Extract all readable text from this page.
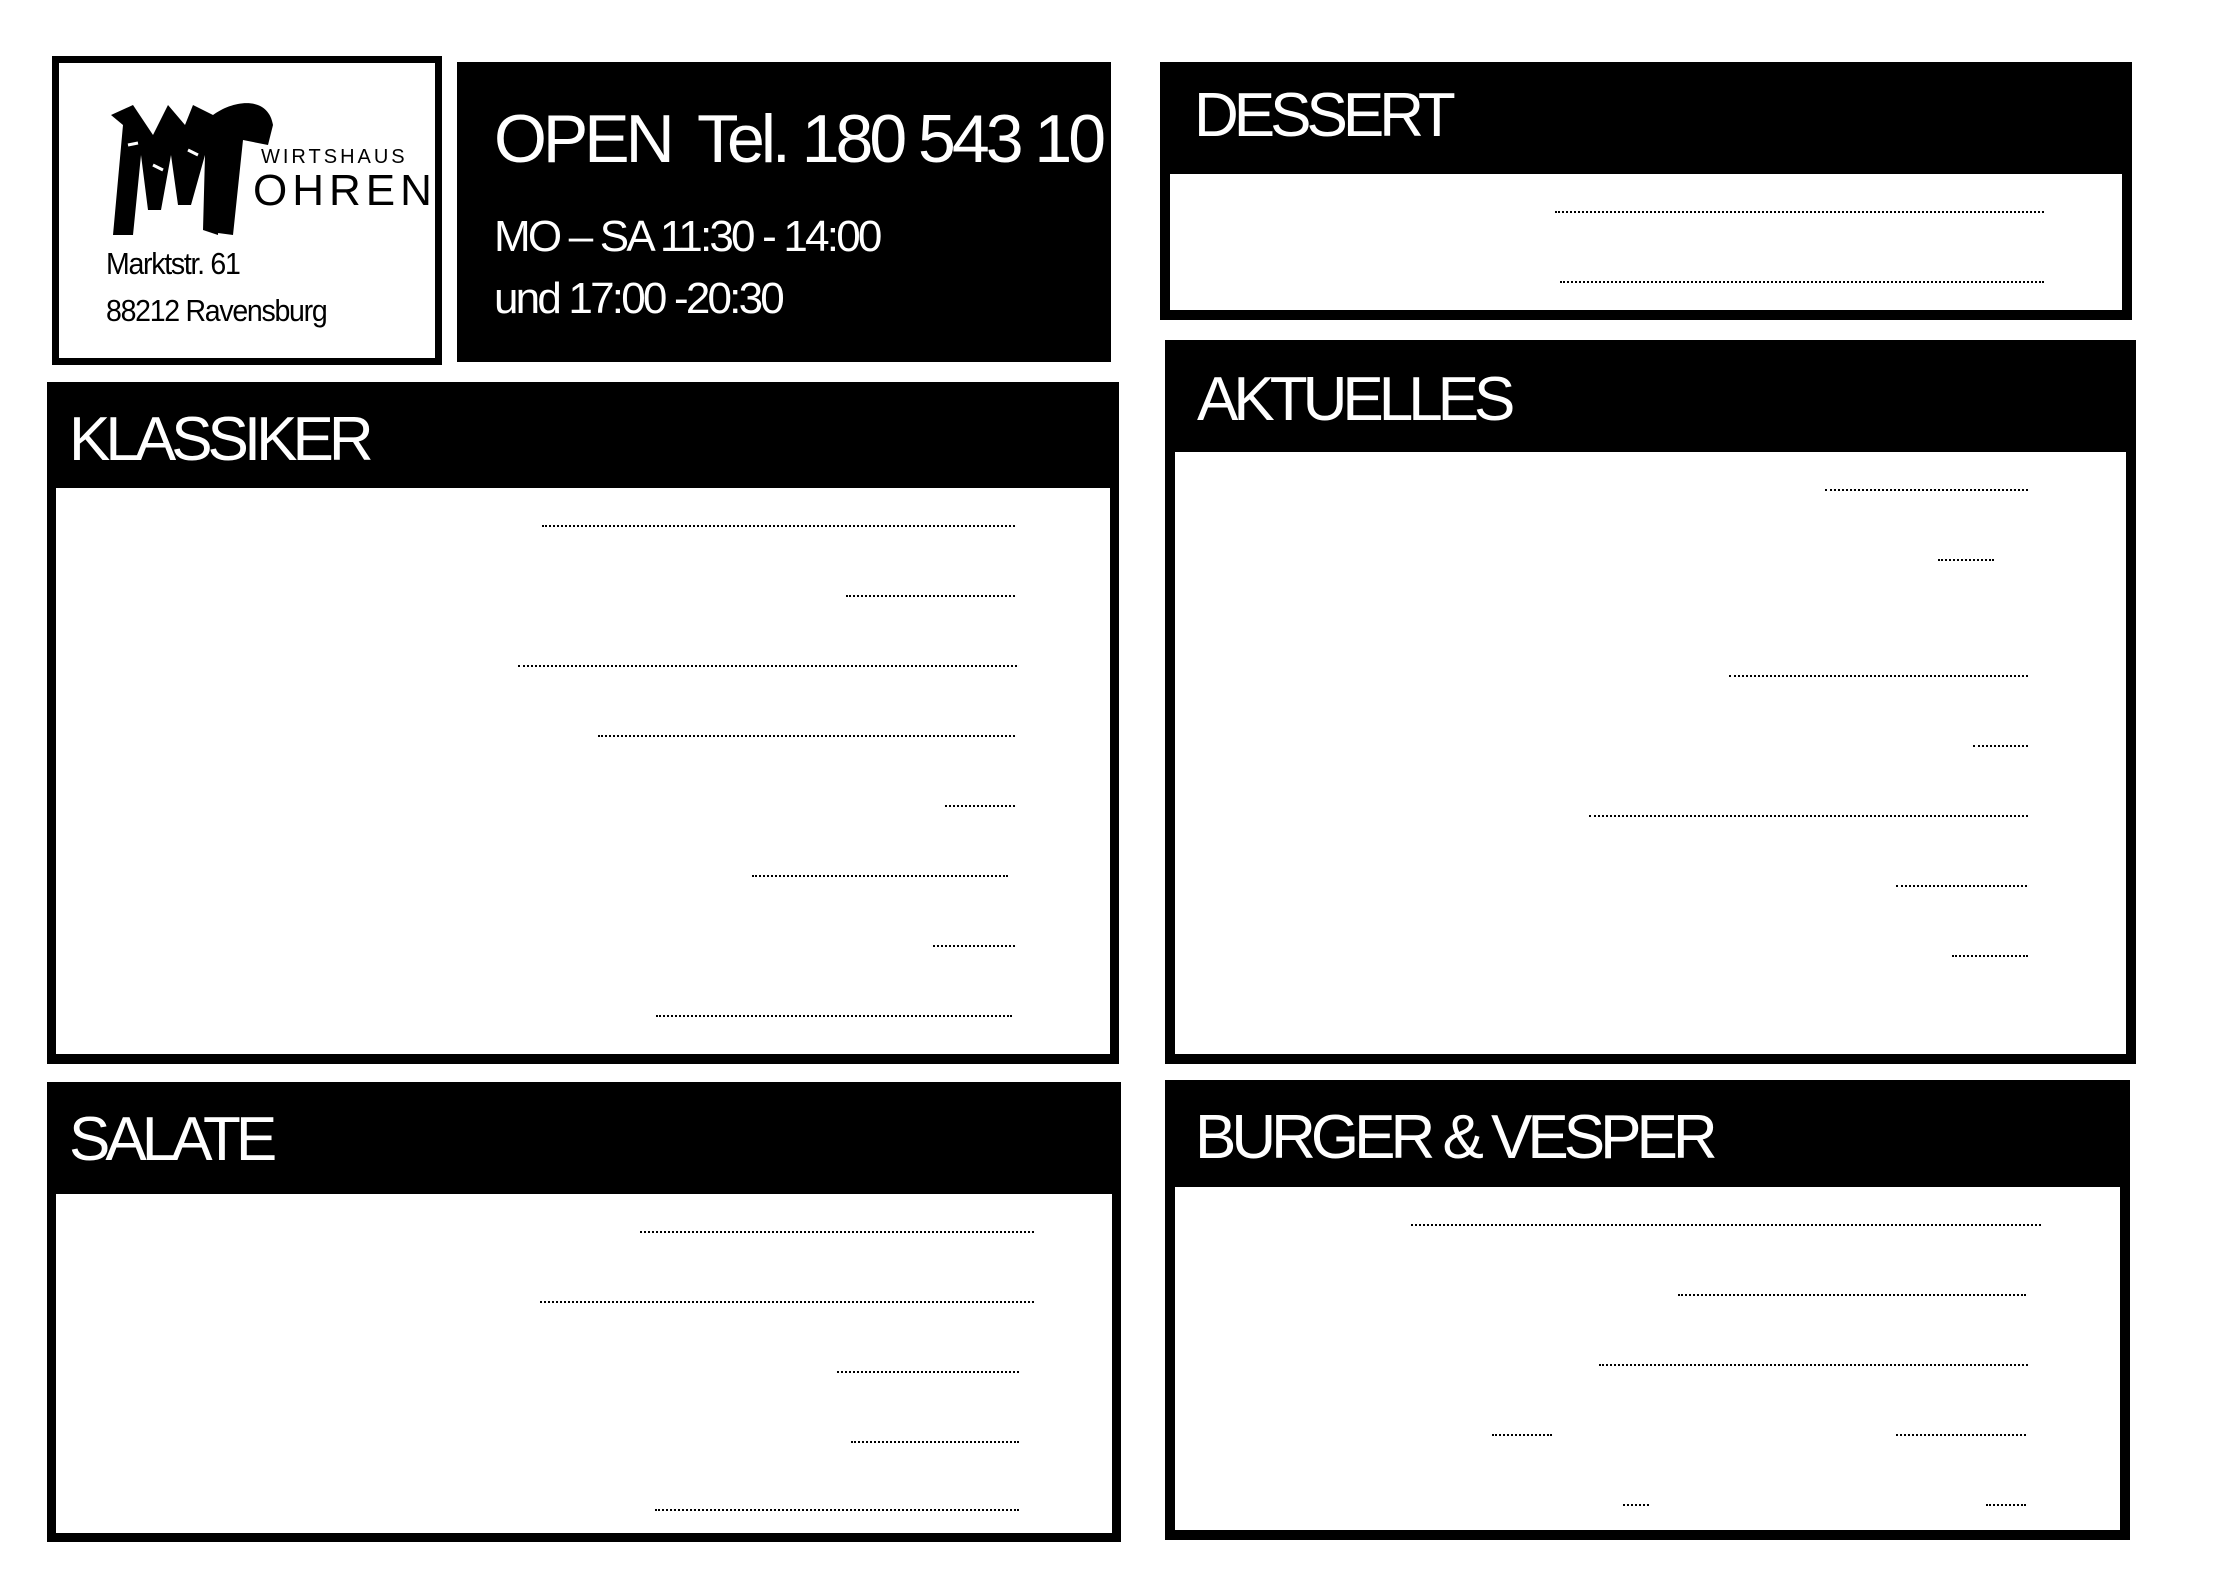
WIRTSHAUS
OHREN
Marktstr. 61
88212 Ravensburg
OPEN Tel. 180 543 10
MO – SA 11:30 - 14:00
und 17:00 -20:30
KLASSIKER
Berg- Kässpätzle mit Röstzwiebel	10,80
Kalbfleischmaultaschen mit Röstzwiebel Soße und Kartoffelsalat	13,80
Saure Linsen mit Spätzle und Saiten	11,80
Paniertes Schnitzel (Schwein) mit Pommes	13,80
Bauernschnitzel paniert, gefüllt mit Speck und Käse, dazu Pommes frites	16,80
Wiener Schnitzel vom Kalb mit Pommes +Preiselbeeren	18,50
Mohrenteller – Schweinefilet rosa gegrillt mit Gemüse und Dinkelspätzle	17,80
Zwiebelrostbraten mit Röstzwiebeln und Spätzle	22,80
SALATE
Kleiner Marktsalat / Kartoffelsalat hausgemacht	5,20
Großer Marktsalat mit Bauernbaguette	9,50
Großer Salat mit Grillgemüse und Hirtenkäse + Bauernbaguette	14,20
Großer Salat mit gegrilltem Hähnchenbrustfilet + Bauernbaguette	16,00
Großer Salat mit Falaffel und Humus + Baguette	14,20
DESSERT
Panna Cotta mit Erdbeermark	4,50
Mouse au Chocolat mit Sahne	6,50
AKTUELLES
Tellerrösti mit gebackenem Ofenkürbis und Schmand	13,80
Gänsekeule aus dem Ofen mit Blaukraut und Serviettenknödel 17,50
Hirschrücken am Stück rosa gegart im Birnenbrotmantel, dazu Nuss-
Spätzle, Blaukraut, Quitte und Holundergsälz	26,50
Rehragout mit Dinkelspätzle, Blaukraut, Quitte und Holundergsälz 19,50
Thai-Curry mit Gemüse und Reis	12,80
dazu 4 gegrillte Garnelen oder gegrilltes Hähnchenbrustfilet	+6,50
Rote Linsen-Quinoa-Küchle mit Gemüserelish und Salatgarnitur	13,80
BURGER & VESPER
Wirtshaus-Burger	9,80
VEGI-Burger mit Süßkartoffel-Pommes	13,80
Moving Mountin Veganer Burger	11,00
Wurstsalat mit Brot/ 8,00	mit Bratkartoffel	12,30
Schweizer Wurstsalat mit Brot/ 8,50	mit Bratkartoffel 12,80
